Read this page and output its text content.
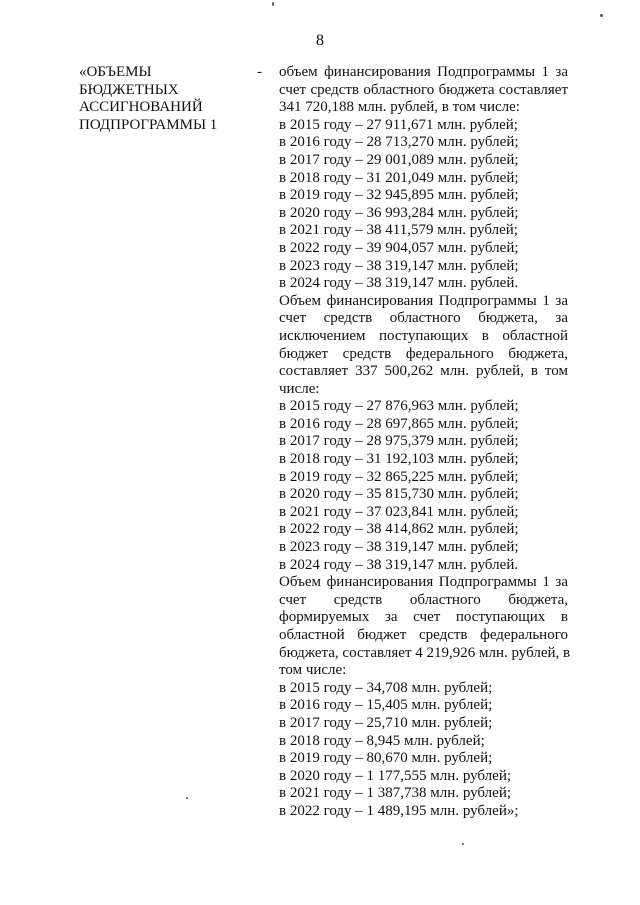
8
«ОБЪЕМЫ
БЮДЖЕТНЫХ
АССИГНОВАНИЙ
ПОДПРОГРАММЫ 1
- объем финансирования Подпрограммы 1 за
счет средств областного бюджета составляет
341 720,188 млн. рублей, в том числе:
в 2015 году – 27 911,671 млн. рублей;
в 2016 году – 28 713,270 млн. рублей;
в 2017 году – 29 001,089 млн. рублей;
в 2018 году – 31 201,049 млн. рублей;
в 2019 году – 32 945,895 млн. рублей;
в 2020 году – 36 993,284 млн. рублей;
в 2021 году – 38 411,579 млн. рублей;
в 2022 году – 39 904,057 млн. рублей;
в 2023 году – 38 319,147 млн. рублей;
в 2024 году – 38 319,147 млн. рублей.
Объем финансирования Подпрограммы 1 за
счет средств областного бюджета, за
исключением поступающих в областной
бюджет средств федерального бюджета,
составляет 337 500,262 млн. рублей, в том
числе:
в 2015 году – 27 876,963 млн. рублей;
в 2016 году – 28 697,865 млн. рублей;
в 2017 году – 28 975,379 млн. рублей;
в 2018 году – 31 192,103 млн. рублей;
в 2019 году – 32 865,225 млн. рублей;
в 2020 году – 35 815,730 млн. рублей;
в 2021 году – 37 023,841 млн. рублей;
в 2022 году – 38 414,862 млн. рублей;
в 2023 году – 38 319,147 млн. рублей;
в 2024 году – 38 319,147 млн. рублей.
Объем финансирования Подпрограммы 1 за
счет средств областного бюджета,
формируемых за счет поступающих в
областной бюджет средств федерального
бюджета, составляет 4 219,926 млн. рублей, в
том числе:
в 2015 году – 34,708 млн. рублей;
в 2016 году – 15,405 млн. рублей;
в 2017 году – 25,710 млн. рублей;
в 2018 году – 8,945 млн. рублей;
в 2019 году – 80,670 млн. рублей;
в 2020 году – 1 177,555 млн. рублей;
в 2021 году – 1 387,738 млн. рублей;
в 2022 году – 1 489,195 млн. рублей»;
